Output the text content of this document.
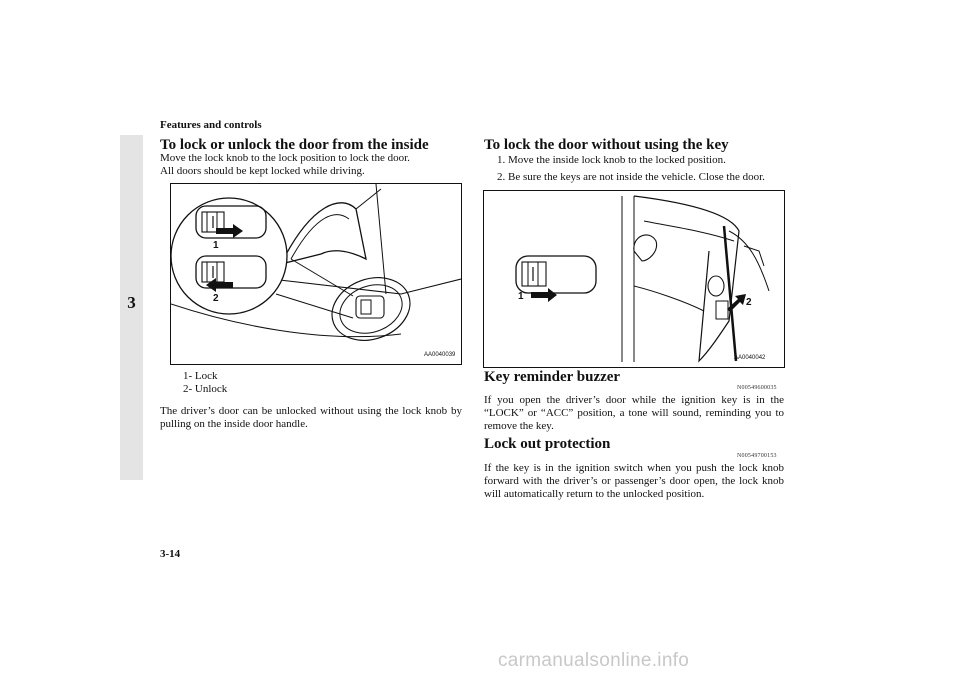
Features and controls
3
To lock or unlock the door from the inside
Move the lock knob to the lock position to lock the door.
All doors should be kept locked while driving.
1
2
AA0040039
1- Lock
2- Unlock
The driver’s door can be unlocked without using the lock knob by pulling on the inside door handle.
To lock the door without using the key
1. Move the inside lock knob to the locked position.
2. Be sure the keys are not inside the vehicle. Close the door.
1
2
AA0040042
Key reminder buzzer
N00549600035
If you open the driver’s door while the ignition key is in the “LOCK” or “ACC” position, a tone will sound, reminding you to remove the key.
Lock out protection
N00549700153
If the key is in the ignition switch when you push the lock knob forward with the driver’s or passenger’s door open, the lock knob will automatically return to the unlocked position.
3-14
carmanualsonline.info
